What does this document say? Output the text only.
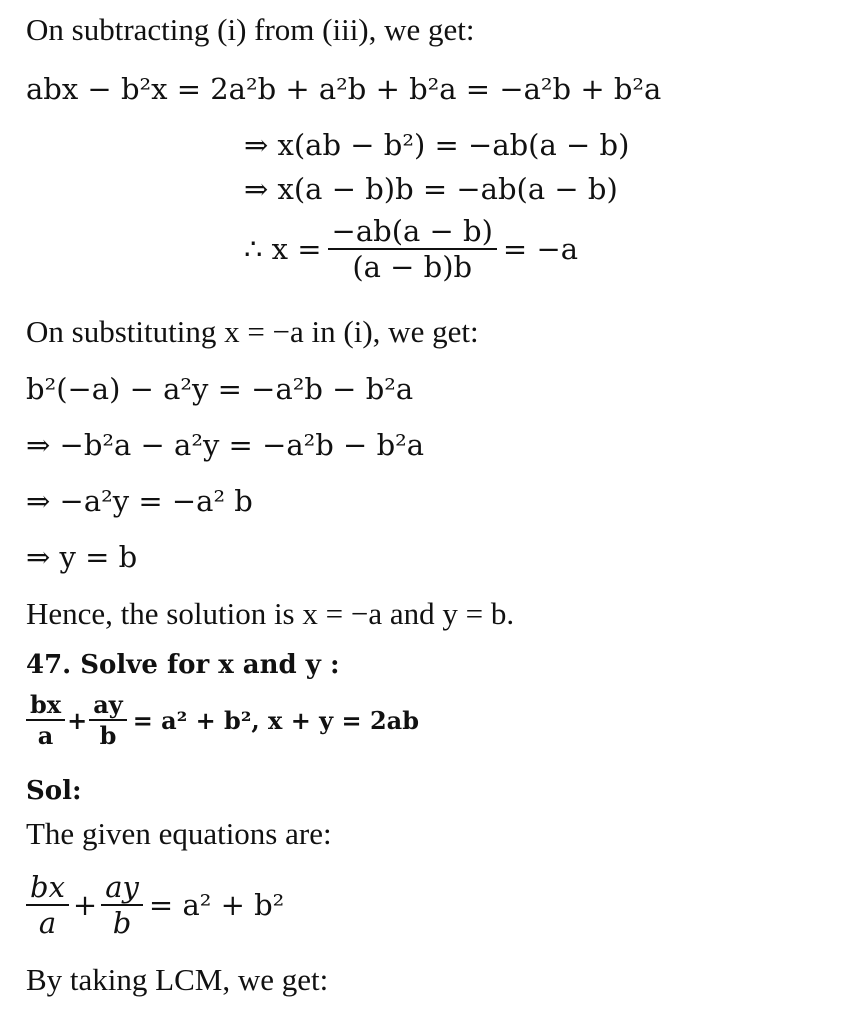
On subtracting (i) from (iii), we get:
abx − b²x = 2a²b + a²b + b²a = −a²b + b²a
⇒ x(ab − b²) = −ab(a − b)
⇒ x(a − b)b = −ab(a − b)
∴ $x = \frac{-ab(a - b)}{(a - b)b} = -a$
On substituting x = −a in (i), we get:
b²(−a) − a²y = −a²b − b²a
⇒ −b²a − a²y = −a²b − b²a
⇒ −a²y = −a² b
⇒ y = b
Hence, the solution is x = −a and y = b.
47. Solve for x and y :
$\frac{bx}{a} + \frac{ay}{b} = a^2 + b^2$, x + y = 2ab
Sol:
The given equations are:
$\frac{bx}{a} + \frac{ay}{b} = a^2 + b^2$
By taking LCM, we get:
